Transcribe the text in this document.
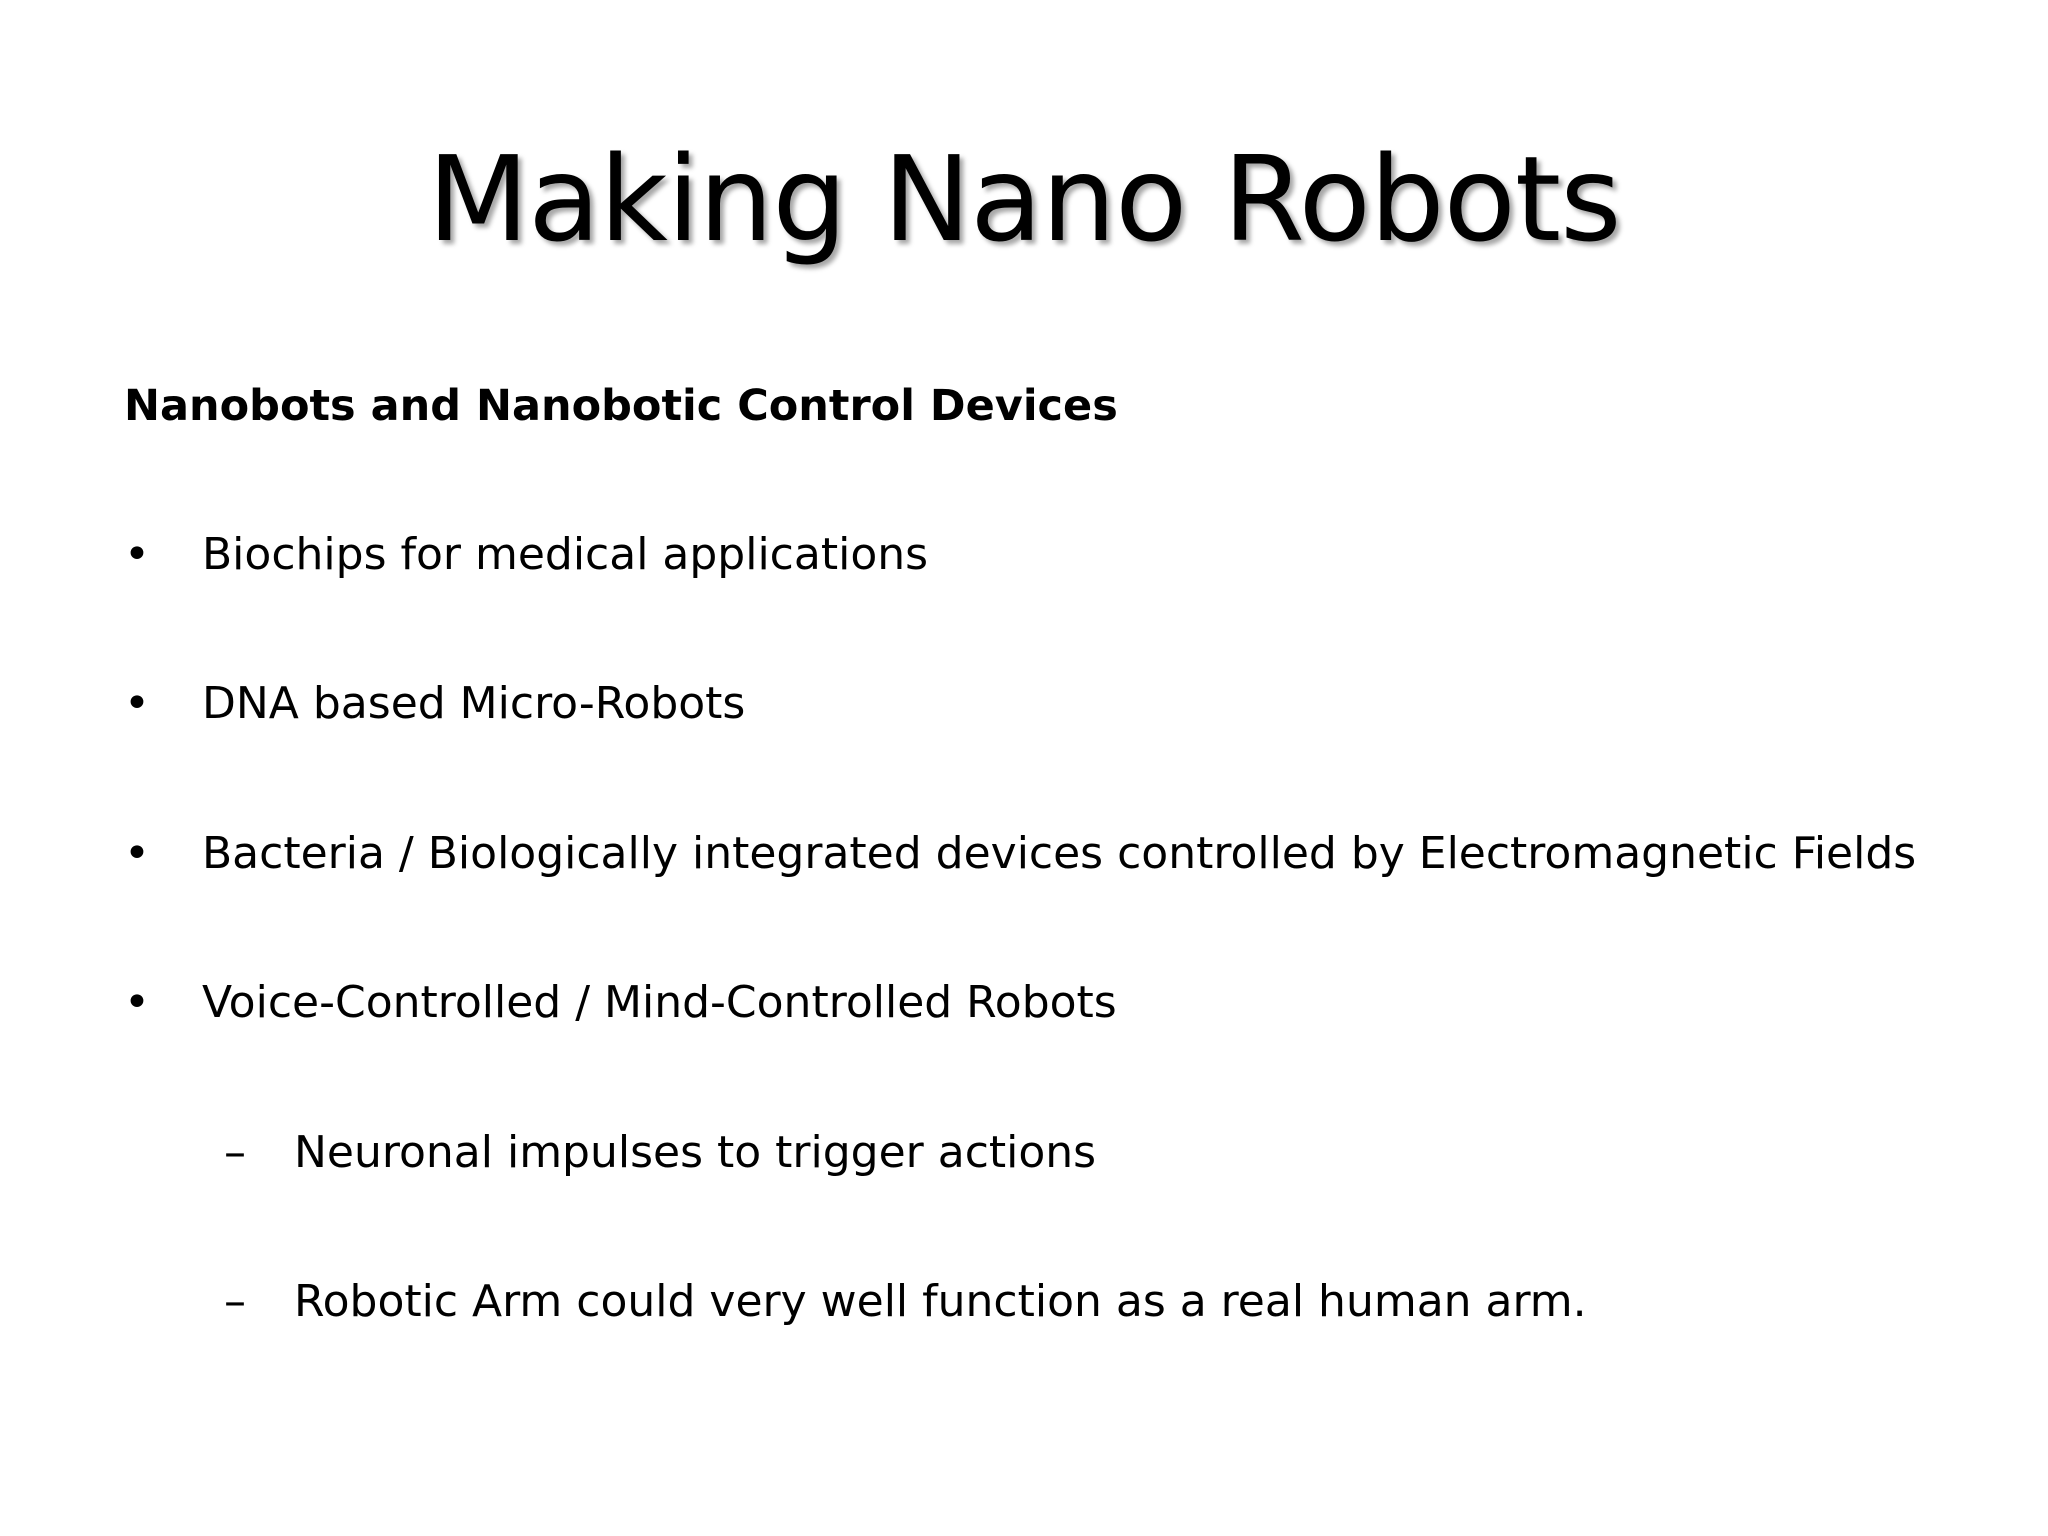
Making Nano Robots
Nanobots and Nanobotic Control Devices
• Biochips for medical applications
• DNA based Micro-Robots
• Bacteria / Biologically integrated devices controlled by Electromagnetic Fields
• Voice-Controlled / Mind-Controlled Robots
– Neuronal impulses to trigger actions
– Robotic Arm could very well function as a real human arm.
